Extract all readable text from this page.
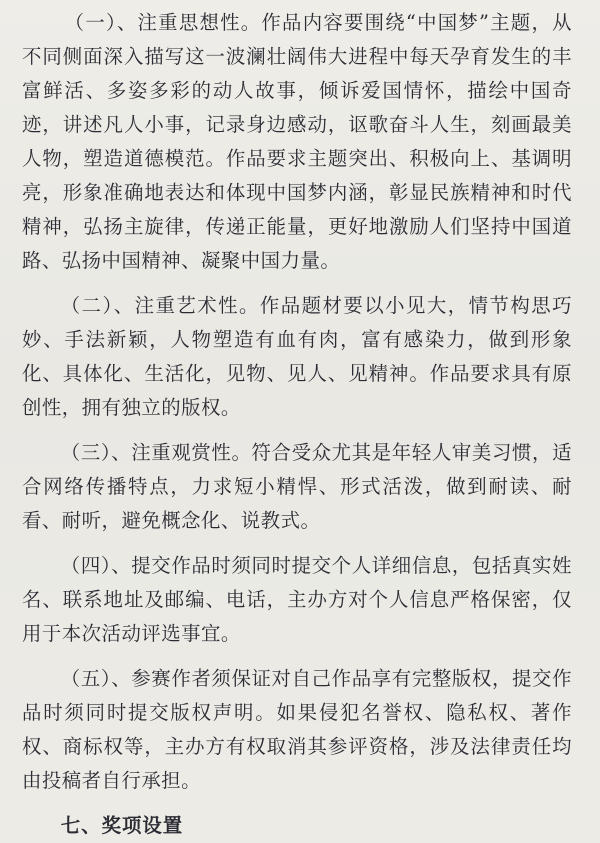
（一）、注重思想性。作品内容要围绕“中国梦”主题，从不同侧面深入描写这一波澜壮阔伟大进程中每天孕育发生的丰富鲜活、多姿多彩的动人故事，倾诉爱国情怀，描绘中国奇迹，讲述凡人小事，记录身边感动，讴歌奋斗人生，刻画最美人物，塑造道德模范。作品要求主题突出、积极向上、基调明亮，形象准确地表达和体现中国梦内涵，彰显民族精神和时代精神，弘扬主旋律，传递正能量，更好地激励人们坚持中国道路、弘扬中国精神、凝聚中国力量。

（二）、注重艺术性。作品题材要以小见大，情节构思巧妙、手法新颖，人物塑造有血有肉，富有感染力，做到形象化、具体化、生活化，见物、见人、见精神。作品要求具有原创性，拥有独立的版权。

（三）、注重观赏性。符合受众尤其是年轻人审美习惯，适合网络传播特点，力求短小精悍、形式活泼，做到耐读、耐看、耐听，避免概念化、说教式。

（四）、提交作品时须同时提交个人详细信息，包括真实姓名、联系地址及邮编、电话，主办方对个人信息严格保密，仅用于本次活动评选事宜。

（五）、参赛作者须保证对自己作品享有完整版权，提交作品时须同时提交版权声明。如果侵犯名誉权、隐私权、著作权、商标权等，主办方有权取消其参评资格，涉及法律责任均由投稿者自行承担。

七、奖项设置
